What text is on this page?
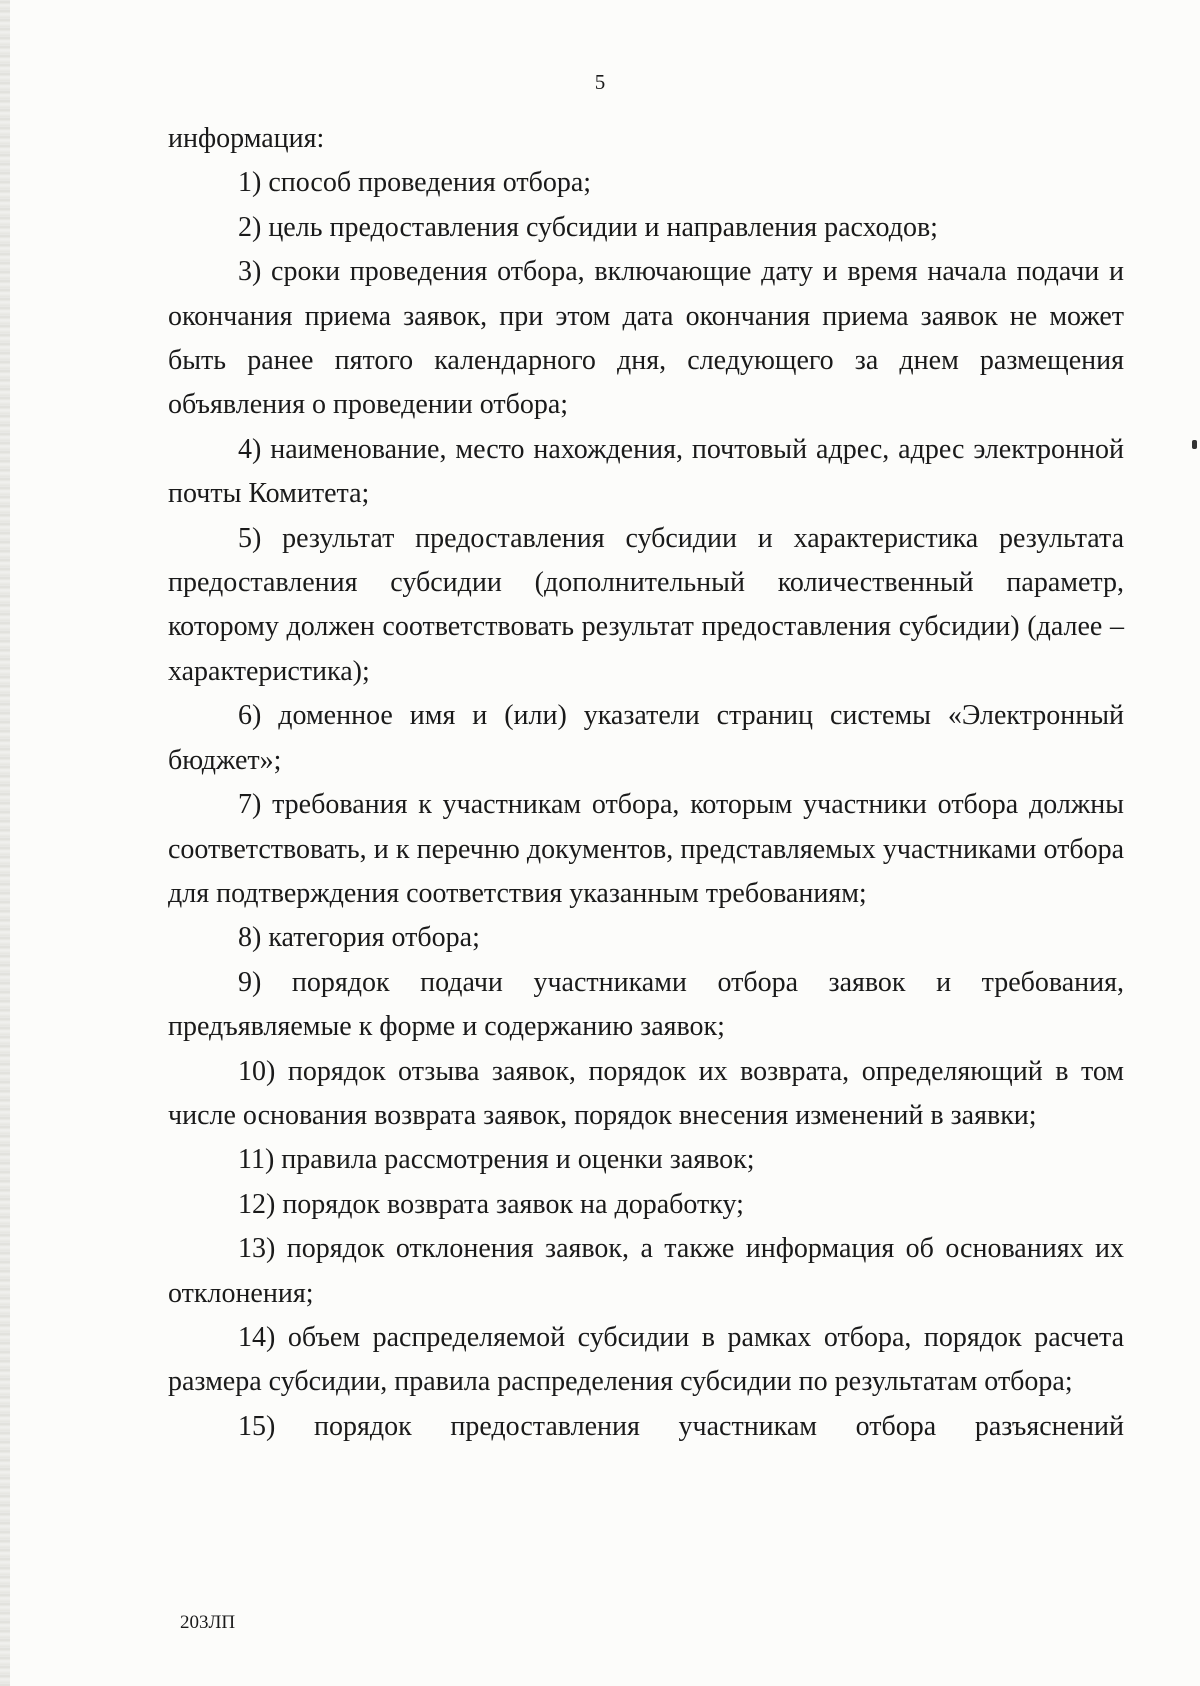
5

информация:

1) способ проведения отбора;

2) цель предоставления субсидии и направления расходов;

3) сроки проведения отбора, включающие дату и время начала подачи и окончания приема заявок, при этом дата окончания приема заявок не может быть ранее пятого календарного дня, следующего за днем размещения объявления о проведении отбора;

4) наименование, место нахождения, почтовый адрес, адрес электронной почты Комитета;

5) результат предоставления субсидии и характеристика результата предоставления субсидии (дополнительный количественный параметр, которому должен соответствовать результат предоставления субсидии) (далее – характеристика);

6) доменное имя и (или) указатели страниц системы «Электронный бюджет»;

7) требования к участникам отбора, которым участники отбора должны соответствовать, и к перечню документов, представляемых участниками отбора для подтверждения соответствия указанным требованиям;

8) категория отбора;

9) порядок подачи участниками отбора заявок и требования, предъявляемые к форме и содержанию заявок;

10) порядок отзыва заявок, порядок их возврата, определяющий в том числе основания возврата заявок, порядок внесения изменений в заявки;

11) правила рассмотрения и оценки заявок;

12) порядок возврата заявок на доработку;

13) порядок отклонения заявок, а также информация об основаниях их отклонения;

14) объем распределяемой субсидии в рамках отбора, порядок расчета размера субсидии, правила распределения субсидии по результатам отбора;

15) порядок предоставления участникам отбора разъяснений

203ЛП
